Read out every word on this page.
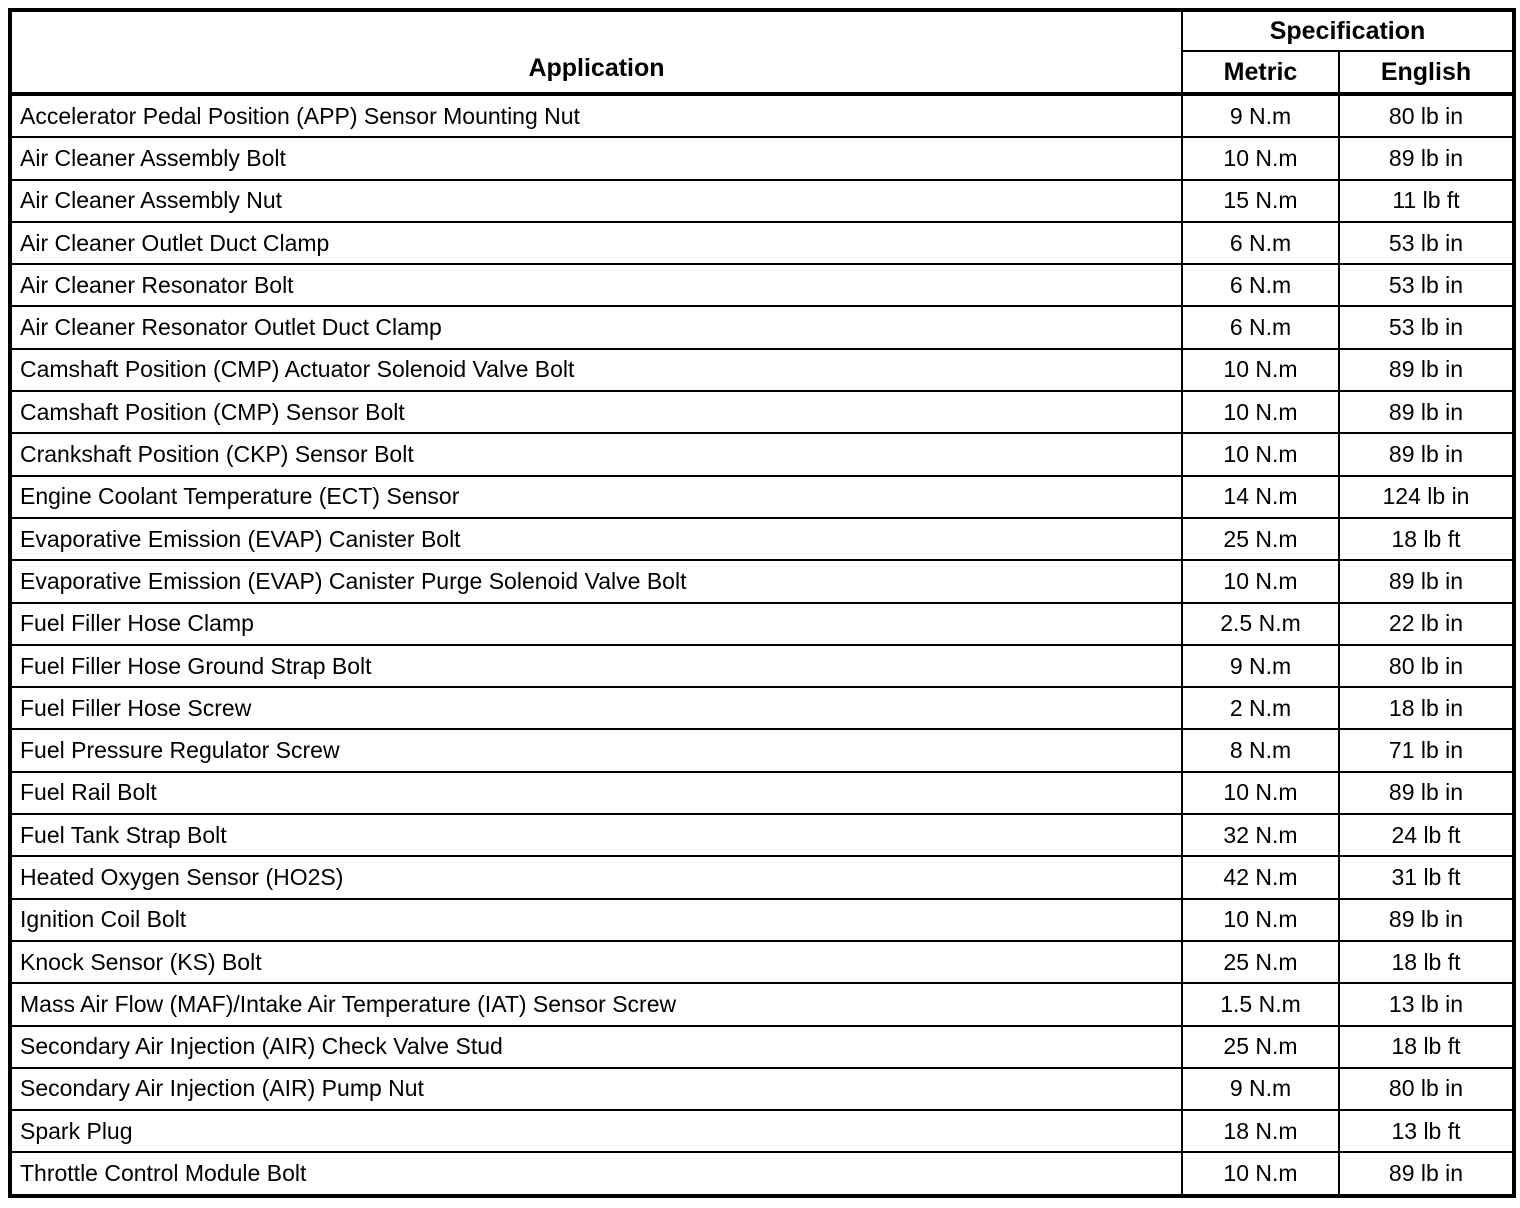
Application	Specification	
	Metric	English
Accelerator Pedal Position (APP) Sensor Mounting Nut	9 N.m	80 lb in
Air Cleaner Assembly Bolt	10 N.m	89 lb in
Air Cleaner Assembly Nut	15 N.m	11 lb ft
Air Cleaner Outlet Duct Clamp	6 N.m	53 lb in
Air Cleaner Resonator Bolt	6 N.m	53 lb in
Air Cleaner Resonator Outlet Duct Clamp	6 N.m	53 lb in
Camshaft Position (CMP) Actuator Solenoid Valve Bolt	10 N.m	89 lb in
Camshaft Position (CMP) Sensor Bolt	10 N.m	89 lb in
Crankshaft Position (CKP) Sensor Bolt	10 N.m	89 lb in
Engine Coolant Temperature (ECT) Sensor	14 N.m	124 lb in
Evaporative Emission (EVAP) Canister Bolt	25 N.m	18 lb ft
Evaporative Emission (EVAP) Canister Purge Solenoid Valve Bolt	10 N.m	89 lb in
Fuel Filler Hose Clamp	2.5 N.m	22 lb in
Fuel Filler Hose Ground Strap Bolt	9 N.m	80 lb in
Fuel Filler Hose Screw	2 N.m	18 lb in
Fuel Pressure Regulator Screw	8 N.m	71 lb in
Fuel Rail Bolt	10 N.m	89 lb in
Fuel Tank Strap Bolt	32 N.m	24 lb ft
Heated Oxygen Sensor (HO2S)	42 N.m	31 lb ft
Ignition Coil Bolt	10 N.m	89 lb in
Knock Sensor (KS) Bolt	25 N.m	18 lb ft
Mass Air Flow (MAF)/Intake Air Temperature (IAT) Sensor Screw	1.5 N.m	13 lb in
Secondary Air Injection (AIR) Check Valve Stud	25 N.m	18 lb ft
Secondary Air Injection (AIR) Pump Nut	9 N.m	80 lb in
Spark Plug	18 N.m	13 lb ft
Throttle Control Module Bolt	10 N.m	89 lb in
